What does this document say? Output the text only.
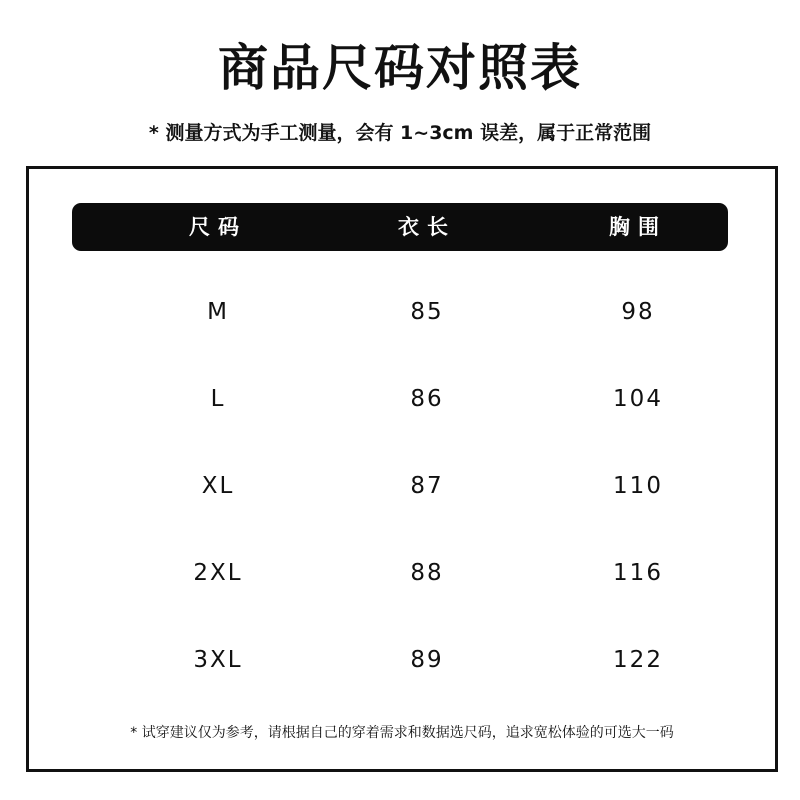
商品尺码对照表
* 测量方式为手工测量，会有 1~3cm 误差，属于正常范围
尺码	衣长	胸围
M	85	98
L	86	104
XL	87	110
2XL	88	116
3XL	89	122
* 试穿建议仅为参考，请根据自己的穿着需求和数据选尺码，追求宽松体验的可选大一码
